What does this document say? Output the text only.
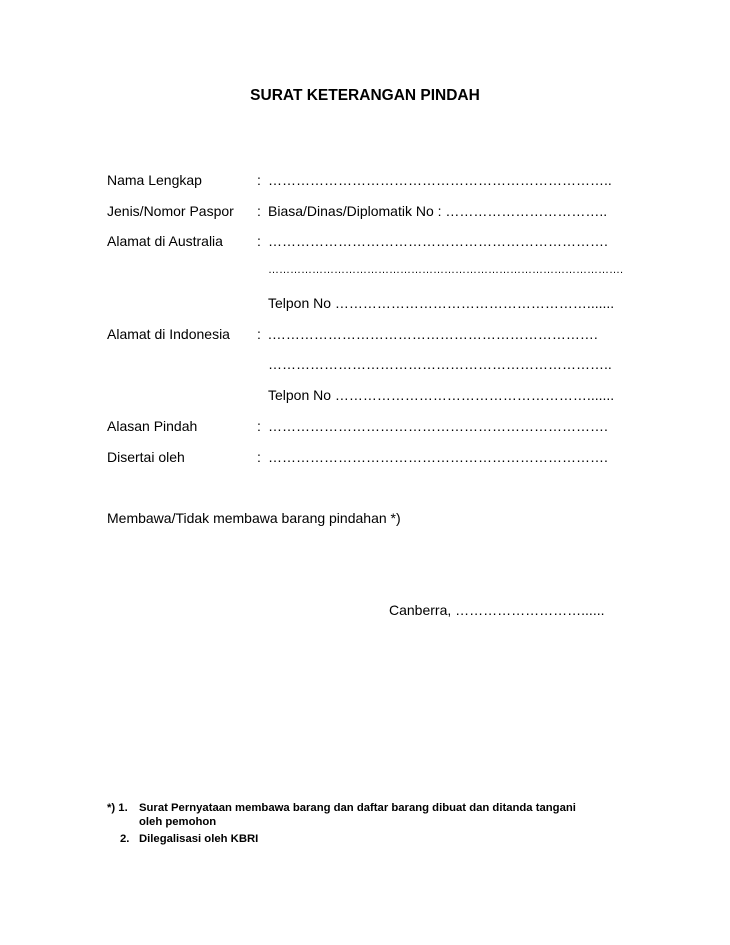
SURAT KETERANGAN PINDAH
Nama Lengkap	: ………………………………………………………………..
Jenis/Nomor Paspor : Biasa/Dinas/Diplomatik No : ……………………………..
Alamat di Australia : ……………………………………………………………….
…………………………………………………………………………………….
Telpon No ……………………………………………….......
Alamat di Indonesia : .…………………………………………………………….
………………………………………………………………..
Telpon No ……………………………………………….......
Alasan Pindah	: ……………………………………………………………….
Disertai oleh	: ……………………………………………………………….
Membawa/Tidak membawa barang pindahan *)
Canberra, ………………………......
*) 1. Surat Pernyataan membawa barang dan daftar barang dibuat dan ditanda tangani
oleh pemohon
2. Dilegalisasi oleh KBRI
